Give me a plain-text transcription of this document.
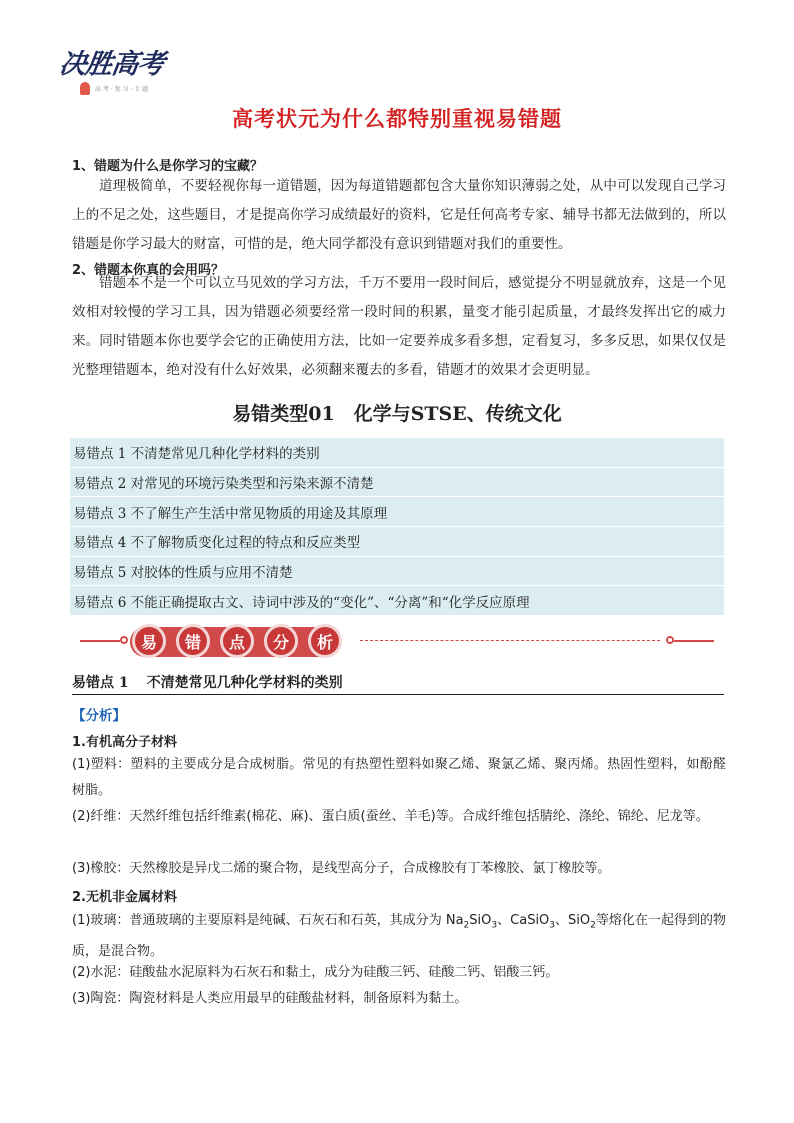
决胜高考
高 考 · 复 习 · 专 题
高考状元为什么都特别重视易错题
1、错题为什么是你学习的宝藏？
道理极简单，不要轻视你每一道错题，因为每道错题都包含大量你知识薄弱之处，从中可以发现自己学习上的不足之处，这些题目，才是提高你学习成绩最好的资料，它是任何高考专家、辅导书都无法做到的，所以错题是你学习最大的财富，可惜的是，绝大同学都没有意识到错题对我们的重要性。
2、错题本你真的会用吗？
错题本不是一个可以立马见效的学习方法，千万不要用一段时间后，感觉提分不明显就放弃，这是一个见效相对较慢的学习工具，因为错题必须要经常一段时间的积累，量变才能引起质量，才最终发挥出它的威力来。同时错题本你也要学会它的正确使用方法，比如一定要养成多看多想，定看复习，多多反思，如果仅仅是光整理错题本，绝对没有什么好效果，必须翻来覆去的多看，错题才的效果才会更明显。
易错类型01　化学与STSE、传统文化
易错点 1 不清楚常见几种化学材料的类别
易错点 2 对常见的环境污染类型和污染来源不清楚
易错点 3 不了解生产生活中常见物质的用途及其原理
易错点 4 不了解物质变化过程的特点和反应类型
易错点 5 对胶体的性质与应用不清楚
易错点 6 不能正确提取古文、诗词中涉及的“变化”、“分离”和“化学反应原理
易	错	点	分	析
易错点 1 不清楚常见几种化学材料的类别
【分析】
1.有机高分子材料
(1)塑料：塑料的主要成分是合成树脂。常见的有热塑性塑料如聚乙烯、聚氯乙烯、聚丙烯。热固性塑料，如酚醛树脂。
(2)纤维：天然纤维包括纤维素(棉花、麻)、蛋白质(蚕丝、羊毛)等。合成纤维包括腈纶、涤纶、锦纶、尼龙等。
(3)橡胶：天然橡胶是异戊二烯的聚合物，是线型高分子，合成橡胶有丁苯橡胶、氯丁橡胶等。
2.无机非金属材料
(1)玻璃：普通玻璃的主要原料是纯碱、石灰石和石英，其成分为 $Na_2SiO_3$、CaSiO$_3$、SiO$_2$等熔化在一起得到的物质，是混合物。
(2)水泥：硅酸盐水泥原料为石灰石和黏土，成分为硅酸三钙、硅酸二钙、铝酸三钙。
(3)陶瓷：陶瓷材料是人类应用最早的硅酸盐材料，制备原料为黏土。
